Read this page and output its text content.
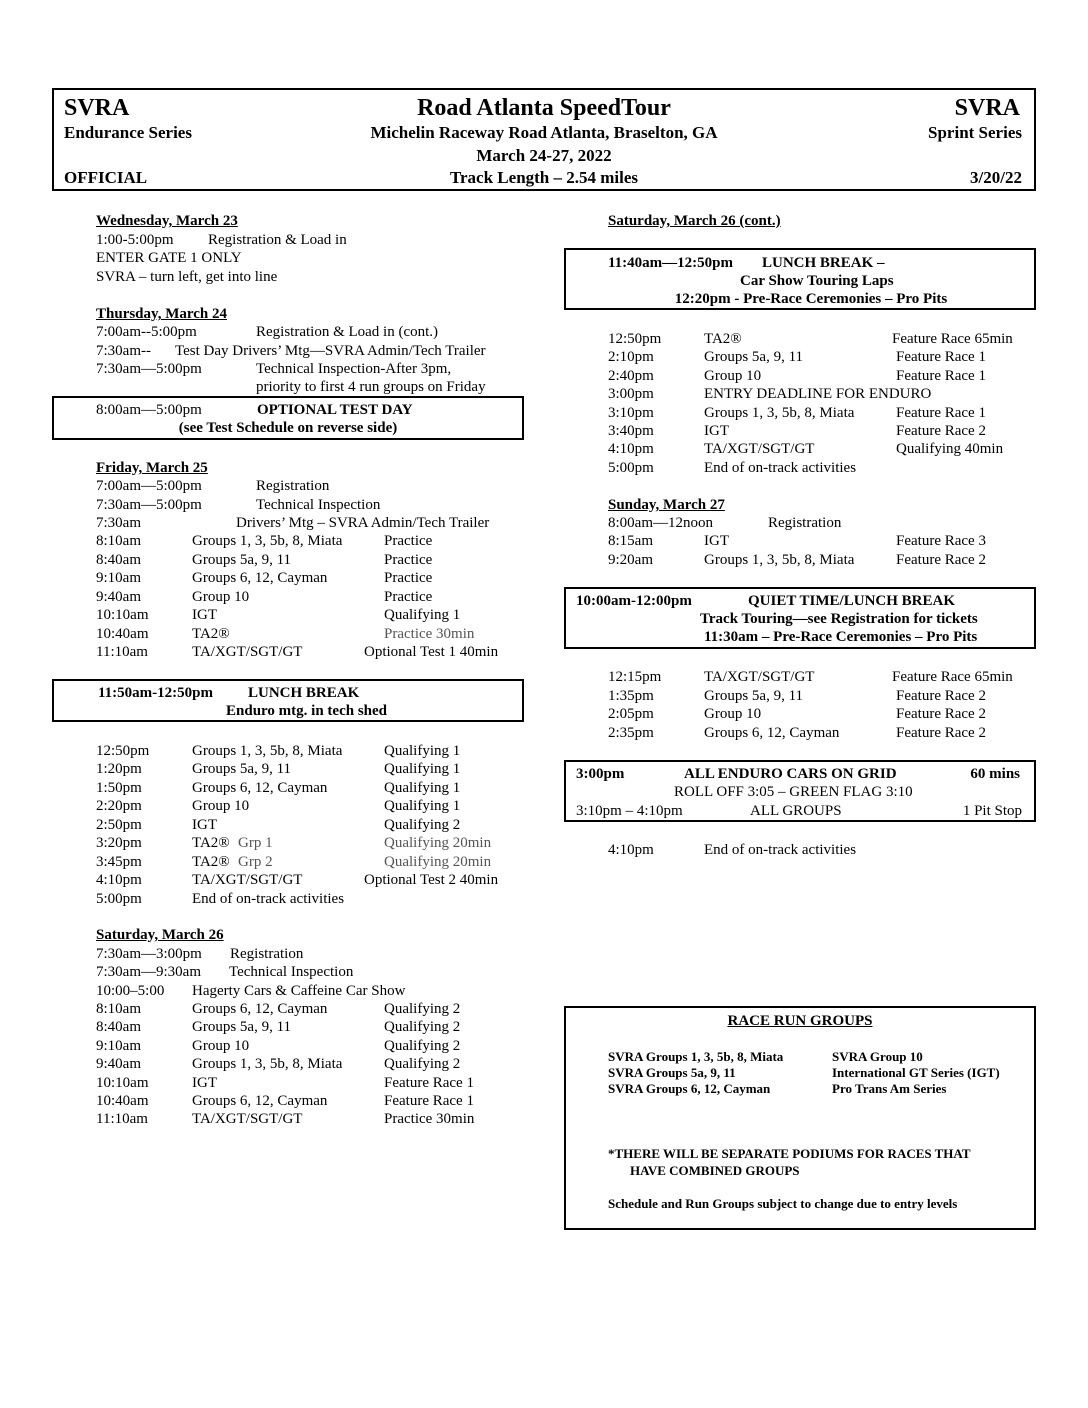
SVRA
Endurance Series
OFFICIAL
Road Atlanta SpeedTour
Michelin Raceway Road Atlanta, Braselton, GA
March 24-27, 2022
Track Length – 2.54 miles
SVRA
Sprint Series
3/20/22
Wednesday, March 23
1:00-5:00pm Registration & Load in
ENTER GATE 1 ONLY
SVRA – turn left, get into line
Thursday, March 24
7:00am--5:00pm	Registration & Load in (cont.)
7:30am-- Test Day Drivers’ Mtg—SVRA Admin/Tech Trailer
7:30am—5:00pm	Technical Inspection-After 3pm,
priority to first 4 run groups on Friday
8:00am—5:00pm	OPTIONAL TEST DAY
(see Test Schedule on reverse side)
Friday, March 25
7:00am—5:00pm	Registration
7:30am—5:00pm	Technical Inspection
7:30am	Drivers’ Mtg – SVRA Admin/Tech Trailer
8:10am	Groups 1, 3, 5b, 8, Miata	Practice
8:40am	Groups 5a, 9, 11	Practice
9:10am	Groups 6, 12, Cayman	Practice
9:40am	Group 10	Practice
10:10am	IGT	Qualifying 1
10:40am	TA2®	Practice 30min
11:10am	TA/XGT/SGT/GT	Optional Test 1 40min
11:50am-12:50pm LUNCH BREAK
Enduro mtg. in tech shed
12:50pm	Groups 1, 3, 5b, 8, Miata	Qualifying 1
1:20pm	Groups 5a, 9, 11	Qualifying 1
1:50pm	Groups 6, 12, Cayman	Qualifying 1
2:20pm	Group 10	Qualifying 1
2:50pm	IGT	Qualifying 2
3:20pm	TA2® Grp 1	Qualifying 20min
3:45pm	TA2® Grp 2	Qualifying 20min
4:10pm	TA/XGT/SGT/GT	Optional Test 2 40min
5:00pm	End of on-track activities
Saturday, March 26
7:30am—3:00pm Registration
7:30am—9:30am Technical Inspection
10:00–5:00 Hagerty Cars & Caffeine Car Show
8:10am	Groups 6, 12, Cayman	Qualifying 2
8:40am	Groups 5a, 9, 11	Qualifying 2
9:10am	Group 10	Qualifying 2
9:40am	Groups 1, 3, 5b, 8, Miata	Qualifying 2
10:10am	IGT	Feature Race 1
10:40am	Groups 6, 12, Cayman	Feature Race 1
11:10am	TA/XGT/SGT/GT	Practice 30min
Saturday, March 26 (cont.)
11:40am—12:50pm LUNCH BREAK –
Car Show Touring Laps
12:20pm - Pre-Race Ceremonies – Pro Pits
12:50pm	TA2®	Feature Race 65min
2:10pm	Groups 5a, 9, 11	Feature Race 1
2:40pm	Group 10	Feature Race 1
3:00pm	ENTRY DEADLINE FOR ENDURO
3:10pm	Groups 1, 3, 5b, 8, Miata	Feature Race 1
3:40pm	IGT	Feature Race 2
4:10pm	TA/XGT/SGT/GT	Qualifying 40min
5:00pm	End of on-track activities
Sunday, March 27
8:00am—12noon	Registration
8:15am	IGT	Feature Race 3
9:20am	Groups 1, 3, 5b, 8, Miata	Feature Race 2
10:00am-12:00pm	QUIET TIME/LUNCH BREAK
Track Touring—see Registration for tickets
11:30am – Pre-Race Ceremonies – Pro Pits
12:15pm	TA/XGT/SGT/GT	Feature Race 65min
1:35pm	Groups 5a, 9, 11	Feature Race 2
2:05pm	Group 10	Feature Race 2
2:35pm	Groups 6, 12, Cayman	Feature Race 2
3:00pm	ALL ENDURO CARS ON GRID	60 mins
ROLL OFF 3:05 – GREEN FLAG 3:10
3:10pm – 4:10pm	ALL GROUPS	1 Pit Stop
4:10pm	End of on-track activities
RACE RUN GROUPS
SVRA Groups 1, 3, 5b, 8, Miata
SVRA Groups 5a, 9, 11
SVRA Groups 6, 12, Cayman
SVRA Group 10
International GT Series (IGT)
Pro Trans Am Series
*THERE WILL BE SEPARATE PODIUMS FOR RACES THAT
HAVE COMBINED GROUPS
Schedule and Run Groups subject to change due to entry levels
